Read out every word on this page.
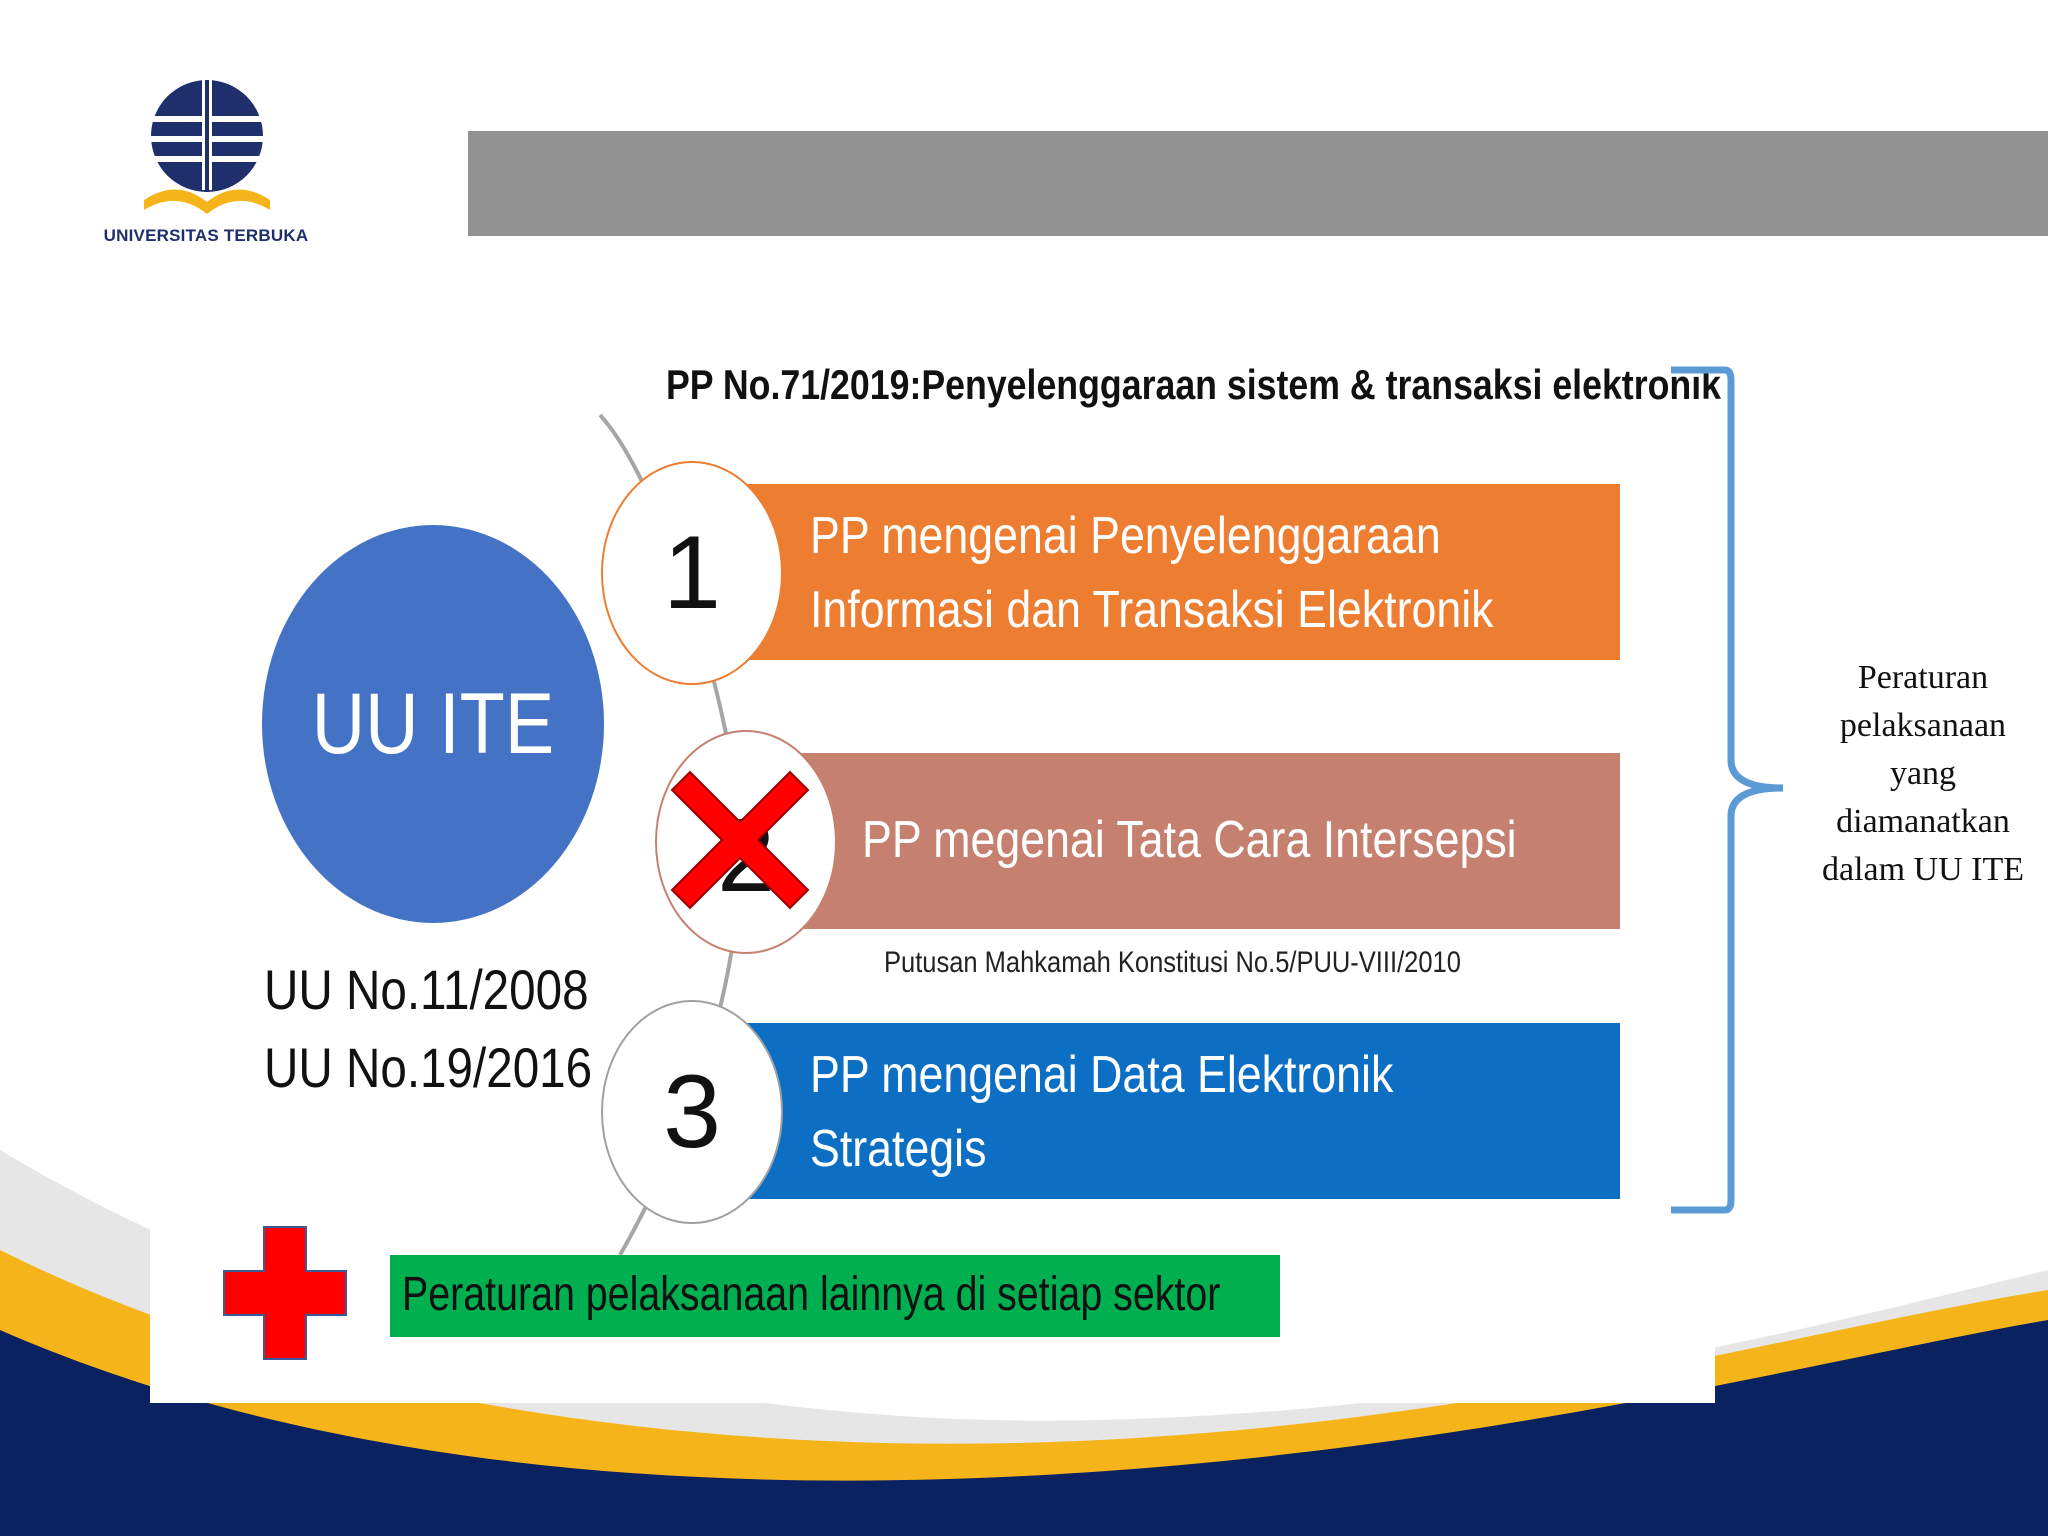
UNIVERSITAS TERBUKA
PP No.71/2019:Penyelenggaraan sistem & transaksi elektronik
PP mengenai Penyelenggaraan
Informasi dan Transaksi Elektronik
PP megenai Tata Cara Intersepsi
PP mengenai Data Elektronik
Strategis
1
3
Putusan Mahkamah Konstitusi No.5/PUU-VIII/2010
UU ITE
UU No.11/2008
UU No.19/2016
Peraturan pelaksanaan lainnya di setiap sektor
Peraturan pelaksanaan yang diamanatkan dalam UU ITE
